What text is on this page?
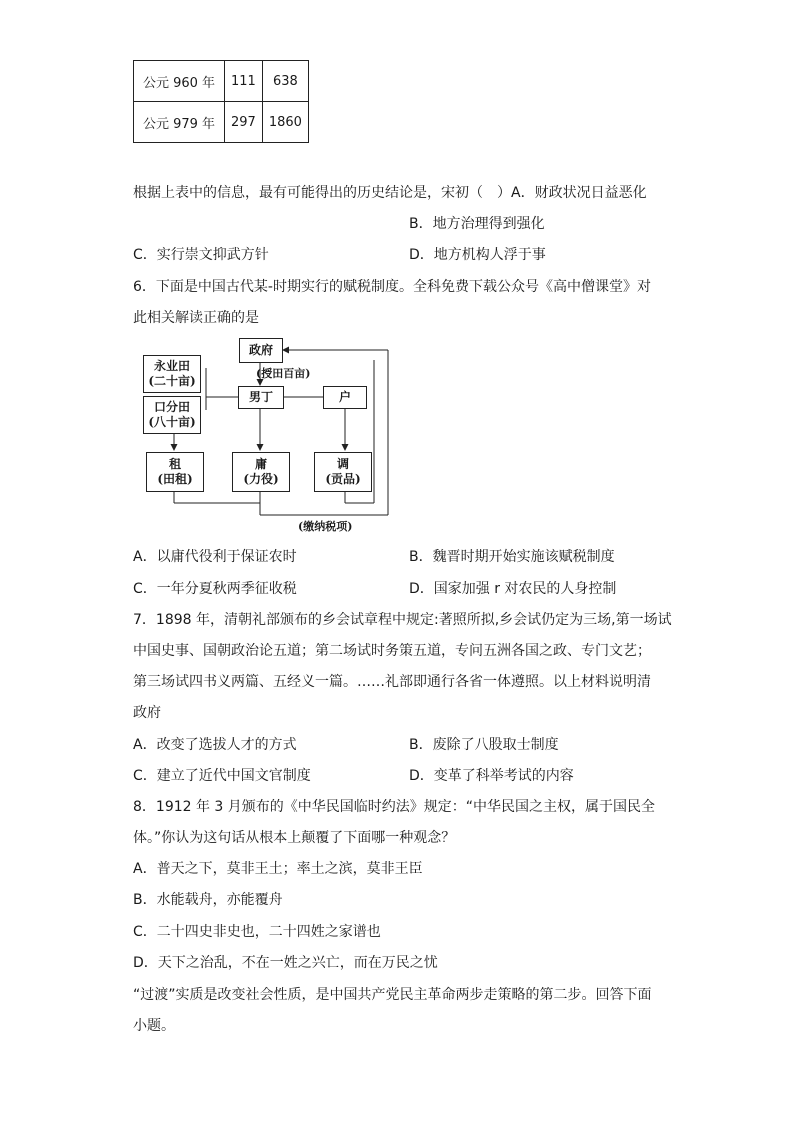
公元 960 年	111	638
公元 979 年	297	1860
根据上表中的信息，最有可能得出的历史结论是，宋初（　）A．财政状况日益恶化
B．地方治理得到强化
C．实行崇文抑武方针	D．地方机构人浮于事
6．下面是中国古代某-时期实行的赋税制度。全科免费下载公众号《高中僧课堂》对
此相关解读正确的是
政府
(授田百亩)
永业田
(二十亩)
口分田
(八十亩)
男丁	户
租
(田租)
庸
(力役)
调
(贡品)
(缴纳税项)
A．以庸代役利于保证农时	B．魏晋时期开始实施该赋税制度
C．一年分夏秋两季征收税	D．国家加强 r 对农民的人身控制
7．1898 年，清朝礼部颁布的乡会试章程中规定:著照所拟,乡会试仍定为三场,第一场试
中国史事、国朝政治论五道；第二场试时务策五道，专问五洲各国之政、专门文艺；
第三场试四书义两篇、五经义一篇。……礼部即通行各省一体遵照。以上材料说明清
政府
A．改变了选拔人才的方式	B．废除了八股取士制度
C．建立了近代中国文官制度	D．变革了科举考试的内容
8．1912 年 3 月颁布的《中华民国临时约法》规定：“中华民国之主权，属于国民全
体。”你认为这句话从根本上颠覆了下面哪一种观念？
A．普天之下，莫非王土；率土之滨，莫非王臣
B．水能载舟，亦能覆舟
C．二十四史非史也，二十四姓之家谱也
D．天下之治乱，不在一姓之兴亡，而在万民之忧
“过渡”实质是改变社会性质，是中国共产党民主革命两步走策略的第二步。回答下面
小题。
